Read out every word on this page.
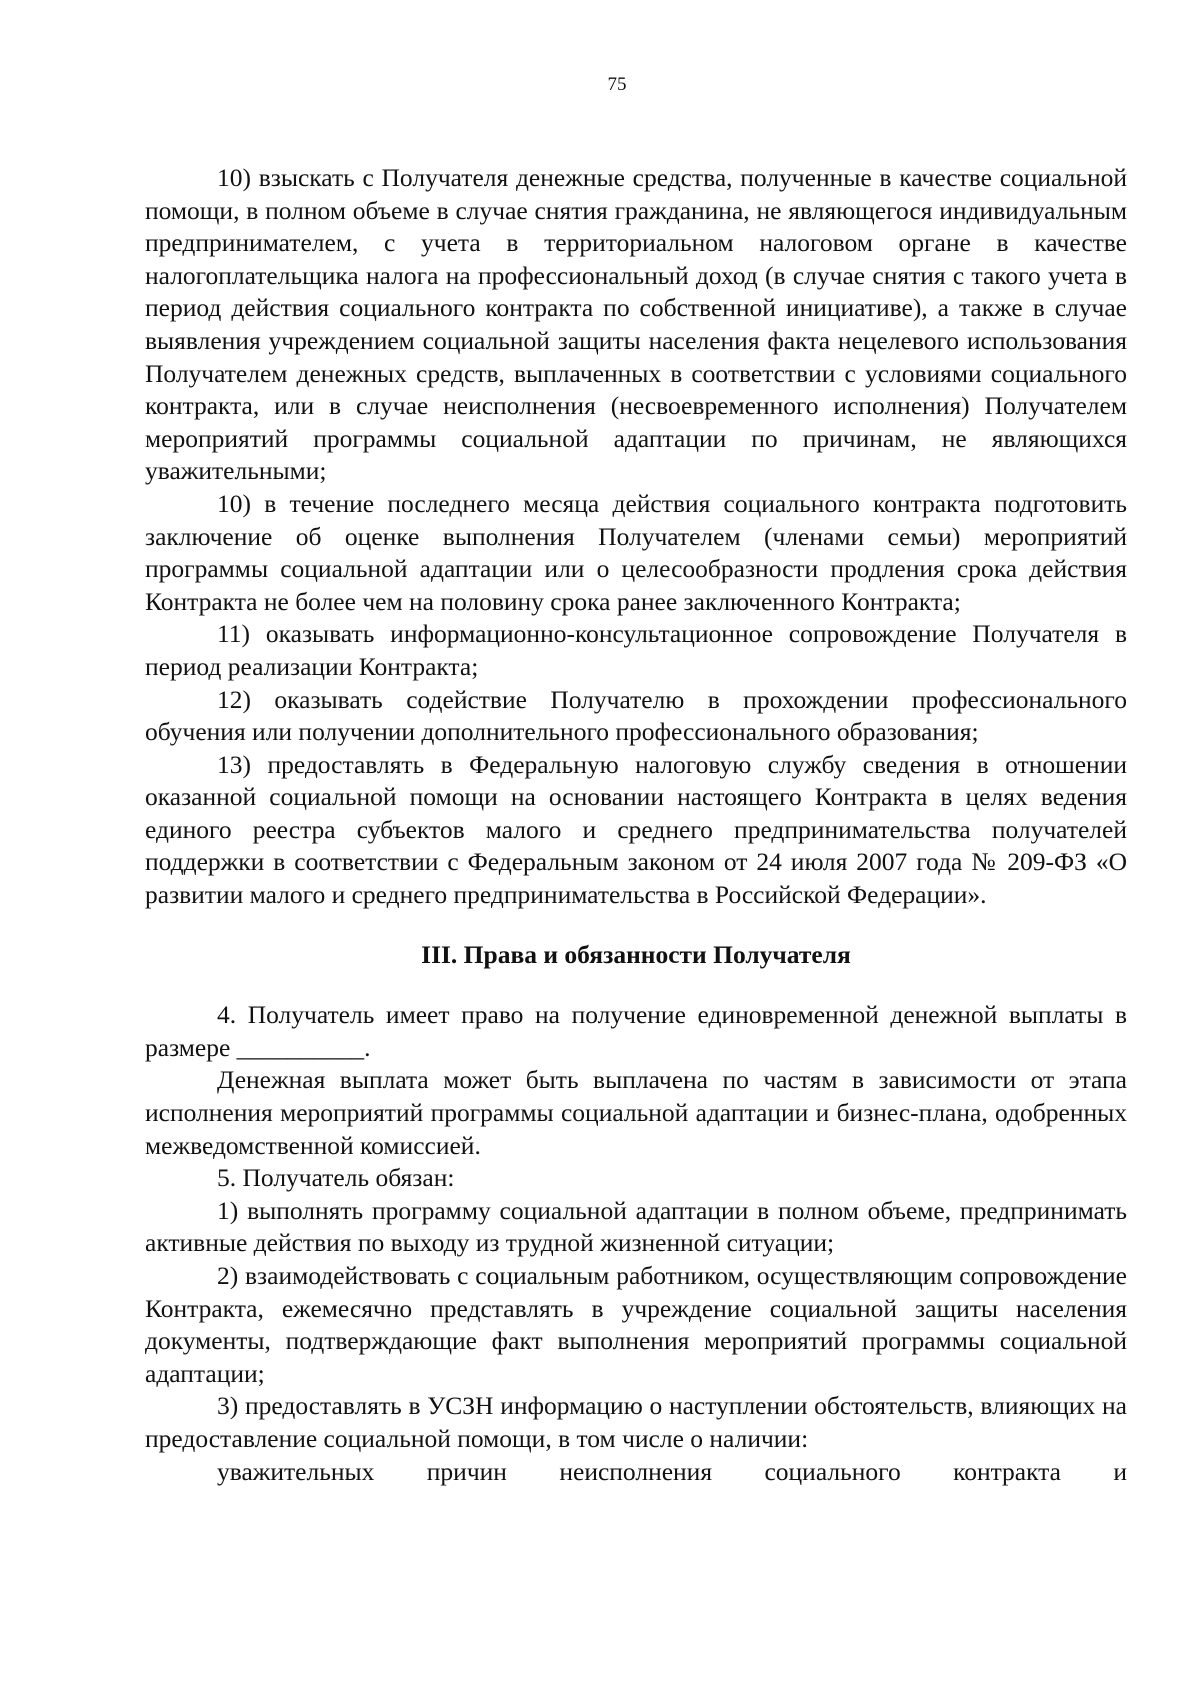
75

10) взыскать с Получателя денежные средства, полученные в качестве социальной помощи, в полном объеме в случае снятия гражданина, не являющегося индивидуальным предпринимателем, с учета в территориальном налоговом органе в качестве налогоплательщика налога на профессиональный доход (в случае снятия с такого учета в период действия социального контракта по собственной инициативе), а также в случае выявления учреждением социальной защиты населения факта нецелевого использования Получателем денежных средств, выплаченных в соответствии с условиями социального контракта, или в случае неисполнения (несвоевременного исполнения) Получателем мероприятий программы социальной адаптации по причинам, не являющихся уважительными;

10) в течение последнего месяца действия социального контракта подготовить заключение об оценке выполнения Получателем (членами семьи) мероприятий программы социальной адаптации или о целесообразности продления срока действия Контракта не более чем на половину срока ранее заключенного Контракта;

11) оказывать информационно-консультационное сопровождение Получателя в период реализации Контракта;

12) оказывать содействие Получателю в прохождении профессионального обучения или получении дополнительного профессионального образования;

13) предоставлять в Федеральную налоговую службу сведения в отношении оказанной социальной помощи на основании настоящего Контракта в целях ведения единого реестра субъектов малого и среднего предпринимательства получателей поддержки в соответствии с Федеральным законом от 24 июля 2007 года № 209-ФЗ «О развитии малого и среднего предпринимательства в Российской Федерации».

III. Права и обязанности Получателя

4. Получатель имеет право на получение единовременной денежной выплаты в размере __________.

Денежная выплата может быть выплачена по частям в зависимости от этапа исполнения мероприятий программы социальной адаптации и бизнес-плана, одобренных межведомственной комиссией.

5. Получатель обязан:

1) выполнять программу социальной адаптации в полном объеме, предпринимать активные действия по выходу из трудной жизненной ситуации;

2) взаимодействовать с социальным работником, осуществляющим сопровождение Контракта, ежемесячно представлять в учреждение социальной защиты населения документы, подтверждающие факт выполнения мероприятий программы социальной адаптации;

3) предоставлять в УСЗН информацию о наступлении обстоятельств, влияющих на предоставление социальной помощи, в том числе о наличии:

уважительных причин неисполнения социального контракта и
